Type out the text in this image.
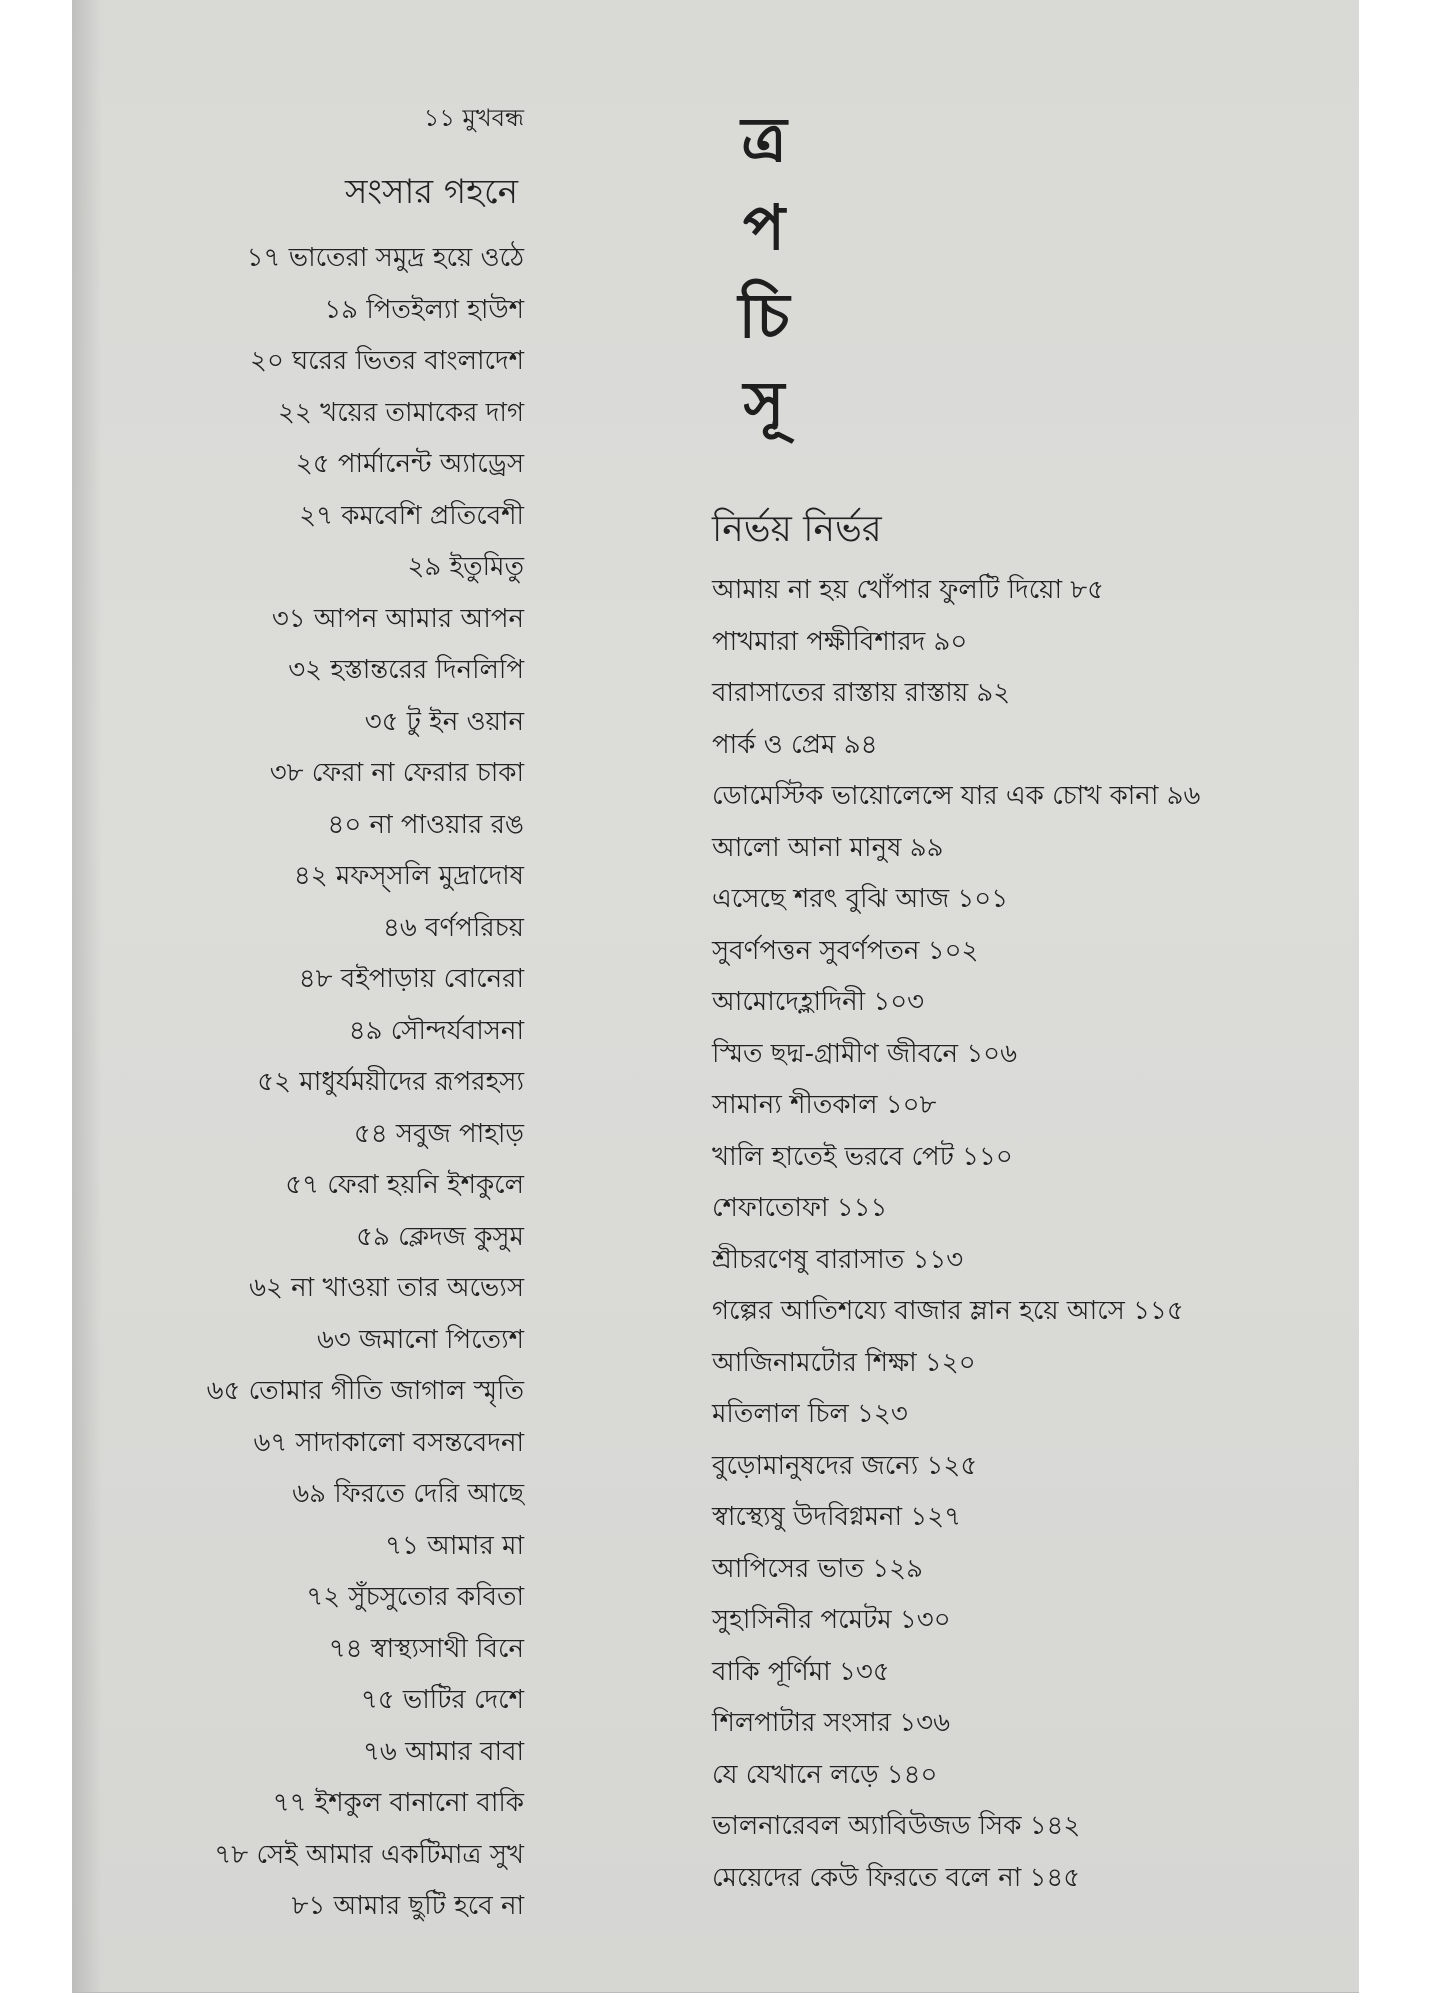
ত্র
প
চি
সূ
১১ মুখবন্ধ
সংসার গহনে
১৭ ভাতেরা সমুদ্র হয়ে ওঠে
১৯ পিতইল্যা হাউশ
২০ ঘরের ভিতর বাংলাদেশ
২২ খয়ের তামাকের দাগ
২৫ পার্মানেন্ট অ্যাড্রেস
২৭ কমবেশি প্রতিবেশী
২৯ ইতুমিতু
৩১ আপন আমার আপন
৩২ হস্তান্তরের দিনলিপি
৩৫ টু ইন ওয়ান
৩৮ ফেরা না ফেরার চাকা
৪০ না পাওয়ার রঙ
৪২ মফস্‌সলি মুদ্রাদোষ
৪৬ বর্ণপরিচয়
৪৮ বইপাড়ায় বোনেরা
৪৯ সৌন্দর্যবাসনা
৫২ মাধুর্যময়ীদের রূপরহস্য
৫৪ সবুজ পাহাড়
৫৭ ফেরা হয়নি ইশকুলে
৫৯ ক্লেদজ কুসুম
৬২ না খাওয়া তার অভ্যেস
৬৩ জমানো পিত্যেশ
৬৫ তোমার গীতি জাগাল স্মৃতি
৬৭ সাদাকালো বসন্তবেদনা
৬৯ ফিরতে দেরি আছে
৭১ আমার মা
৭২ সুঁচসুতোর কবিতা
৭৪ স্বাস্থ্যসাথী বিনে
৭৫ ভাটির দেশে
৭৬ আমার বাবা
৭৭ ইশকুল বানানো বাকি
৭৮ সেই আমার একটিমাত্র সুখ
৮১ আমার ছুটি হবে না
নির্ভয় নির্ভর
আমায় না হয় খোঁপার ফুলটি দিয়ো ৮৫
পাখমারা পক্ষীবিশারদ ৯০
বারাসাতের রাস্তায় রাস্তায় ৯২
পার্ক ও প্রেম ৯৪
ডোমেস্টিক ভায়োলেন্সে যার এক চোখ কানা ৯৬
আলো আনা মানুষ ৯৯
এসেছে শরৎ বুঝি আজ ১০১
সুবর্ণপত্তন সুবর্ণপতন ১০২
আমোদেহ্লাদিনী ১০৩
স্মিত ছদ্ম-গ্রামীণ জীবনে ১০৬
সামান্য শীতকাল ১০৮
খালি হাতেই ভরবে পেট ১১০
শেফাতোফা ১১১
শ্রীচরণেষু বারাসাত ১১৩
গল্পের আতিশয্যে বাজার ম্লান হয়ে আসে ১১৫
আজিনামটোর শিক্ষা ১২০
মতিলাল চিল ১২৩
বুড়োমানুষদের জন্যে ১২৫
স্বাস্থ্যেষু উদবিগ্নমনা ১২৭
আপিসের ভাত ১২৯
সুহাসিনীর পমেটম ১৩০
বাকি পূর্ণিমা ১৩৫
শিলপাটার সংসার ১৩৬
যে যেখানে লড়ে ১৪০
ভালনারেবল অ্যাবিউজড সিক ১৪২
মেয়েদের কেউ ফিরতে বলে না ১৪৫
